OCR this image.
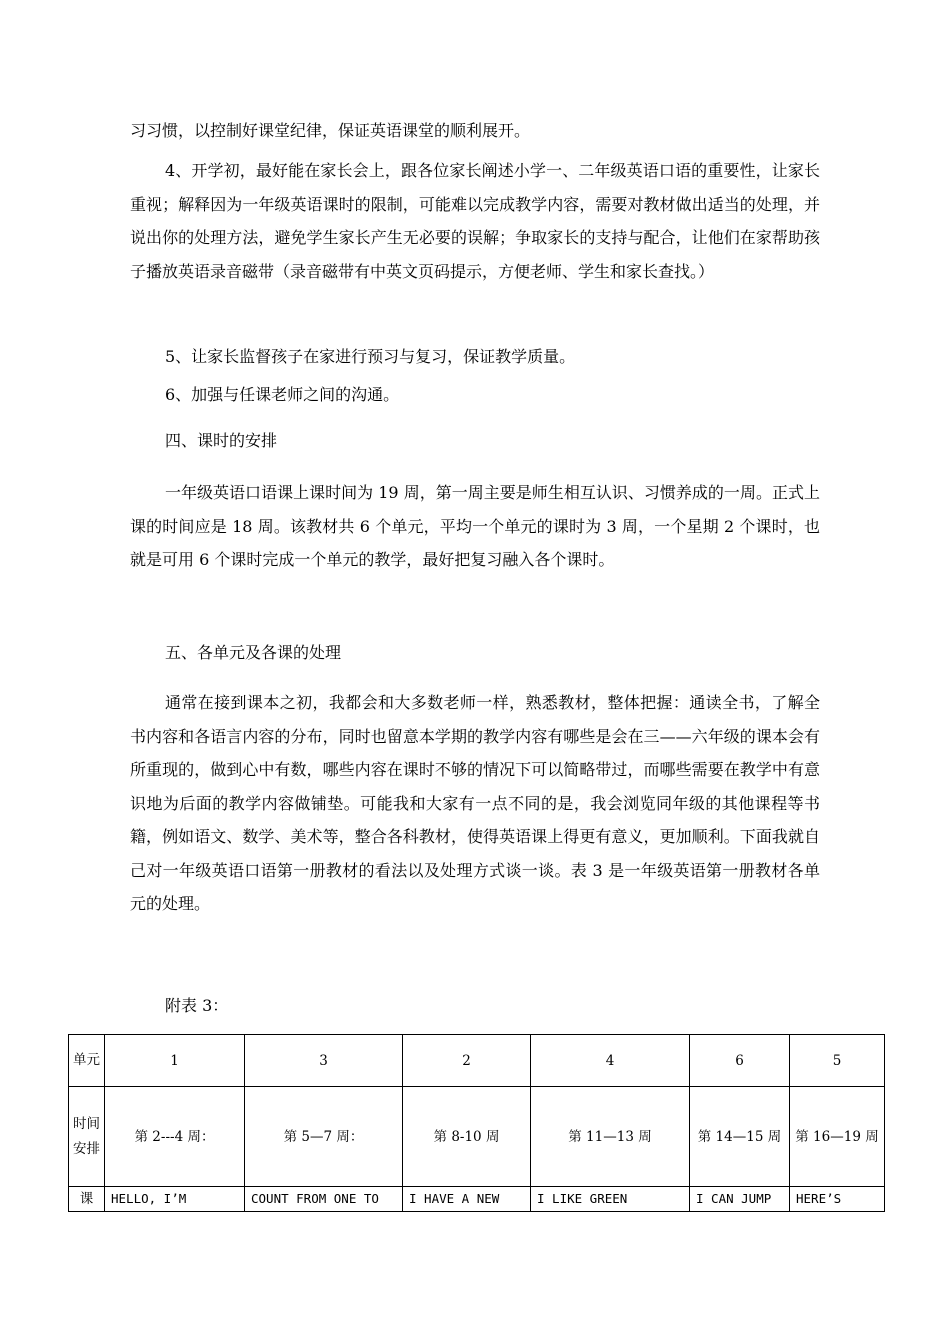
习习惯，以控制好课堂纪律，保证英语课堂的顺利展开。

4、开学初，最好能在家长会上，跟各位家长阐述小学一、二年级英语口语的重要性，让家长重视；解释因为一年级英语课时的限制，可能难以完成教学内容，需要对教材做出适当的处理，并说出你的处理方法，避免学生家长产生无必要的误解；争取家长的支持与配合，让他们在家帮助孩子播放英语录音磁带（录音磁带有中英文页码提示，方便老师、学生和家长查找。）

5、让家长监督孩子在家进行预习与复习，保证教学质量。

6、加强与任课老师之间的沟通。

四、课时的安排

一年级英语口语课上课时间为 19 周，第一周主要是师生相互认识、习惯养成的一周。正式上课的时间应是 18 周。该教材共 6 个单元，平均一个单元的课时为 3 周，一个星期 2 个课时，也就是可用 6 个课时完成一个单元的教学，最好把复习融入各个课时。

五、各单元及各课的处理

通常在接到课本之初，我都会和大多数老师一样，熟悉教材，整体把握：通读全书，了解全书内容和各语言内容的分布，同时也留意本学期的教学内容有哪些是会在三——六年级的课本会有所重现的，做到心中有数，哪些内容在课时不够的情况下可以简略带过，而哪些需要在教学中有意识地为后面的教学内容做铺垫。可能我和大家有一点不同的是，我会浏览同年级的其他课程等书籍，例如语文、数学、美术等，整合各科教材，使得英语课上得更有意义，更加顺利。下面我就自己对一年级英语口语第一册教材的看法以及处理方式谈一谈。表 3 是一年级英语第一册教材各单元的处理。

附表 3：

单元	1	3	2	4	6	5
时间安排	第 2---4 周：	第 5—7 周：	第 8-10 周	第 11—13 周	第 14—15 周	第 16—19 周
课	HELLO, I’M	COUNT FROM ONE TO	I HAVE A NEW	I LIKE GREEN	I CAN JUMP	HERE’S
